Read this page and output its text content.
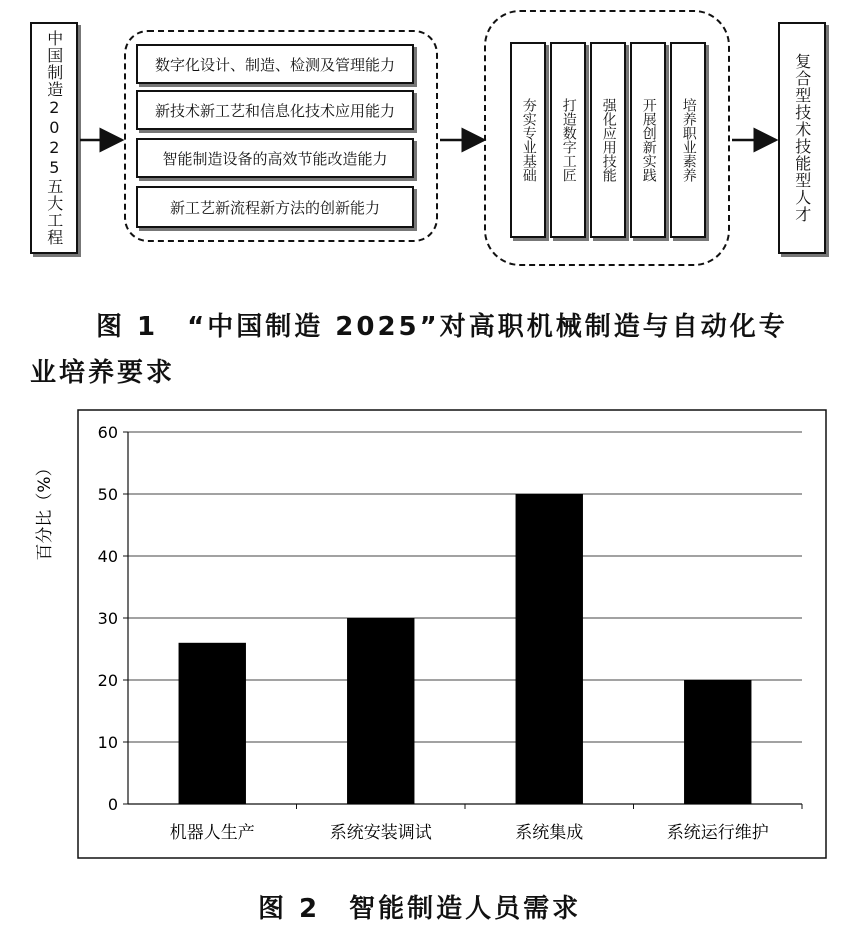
中国制造2025五大工程	数字化设计、制造、检测及管理能力
新技术新工艺和信息化技术应用能力
智能制造设备的高效节能改造能力
新工艺新流程新方法的创新能力
夯实专业基础	打造数字工匠	强化应用技能	开展创新实践	培养职业素养	复合型技术技能型人才
图 1　“中国制造 2025”对高职机械制造与自动化专
业培养要求
0
10
20
30
40
50
60
机器人生产	系统安装调试	系统集成	系统运行维护
百分比（%）
图 2　智能制造人员需求
